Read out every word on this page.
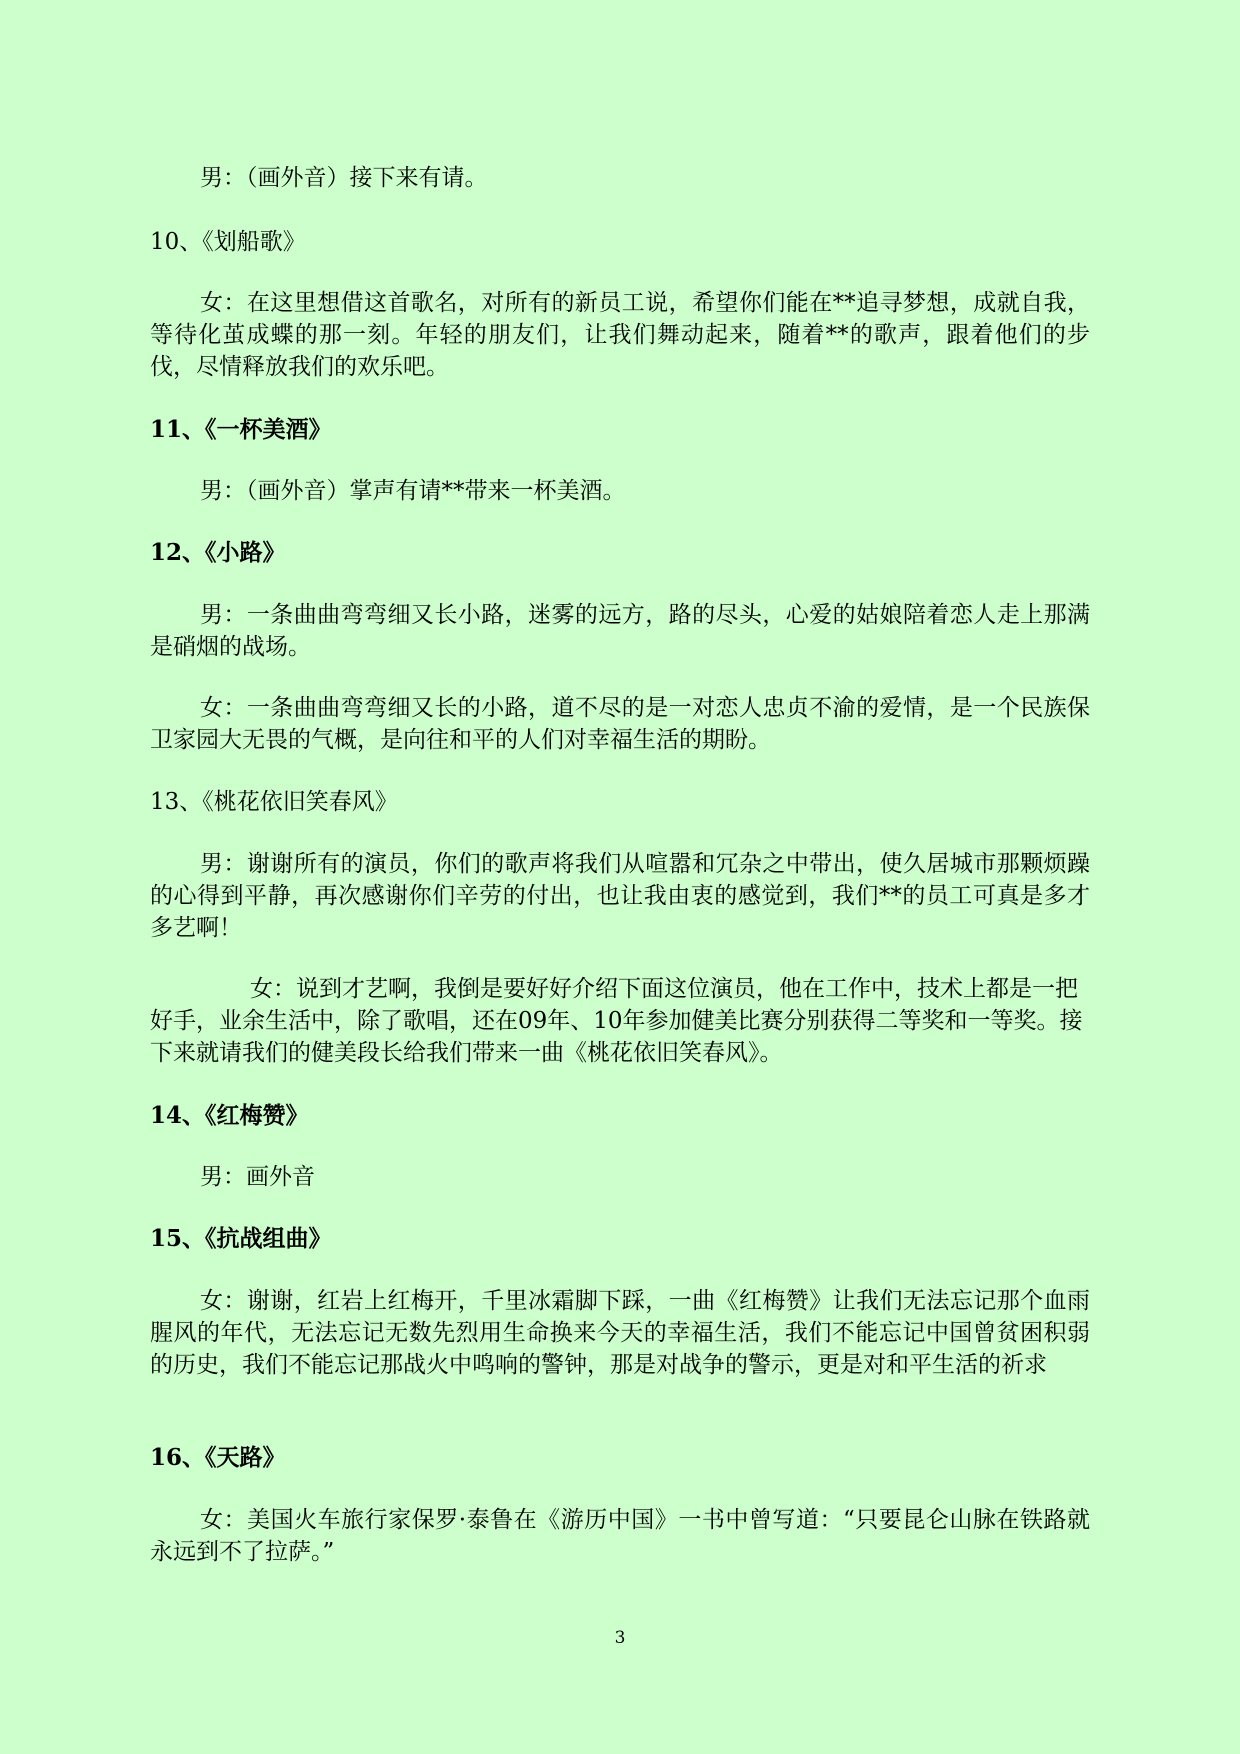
男：（画外音）接下来有请。

10、《划船歌》

女：在这里想借这首歌名，对所有的新员工说，希望你们能在**追寻梦想，成就自我，等待化茧成蝶的那一刻。年轻的朋友们，让我们舞动起来，随着**的歌声，跟着他们的步伐，尽情释放我们的欢乐吧。

11、《一杯美酒》

男：（画外音）掌声有请**带来一杯美酒。

12、《小路》

男：一条曲曲弯弯细又长小路，迷雾的远方，路的尽头，心爱的姑娘陪着恋人走上那满是硝烟的战场。

女：一条曲曲弯弯细又长的小路，道不尽的是一对恋人忠贞不渝的爱情，是一个民族保卫家园大无畏的气概，是向往和平的人们对幸福生活的期盼。

13、《桃花依旧笑春风》

男：谢谢所有的演员，你们的歌声将我们从喧嚣和冗杂之中带出，使久居城市那颗烦躁的心得到平静，再次感谢你们辛劳的付出，也让我由衷的感觉到，我们**的员工可真是多才多艺啊！

女：说到才艺啊，我倒是要好好介绍下面这位演员，他在工作中，技术上都是一把好手，业余生活中，除了歌唱，还在09年、10年参加健美比赛分别获得二等奖和一等奖。接下来就请我们的健美段长给我们带来一曲《桃花依旧笑春风》。

14、《红梅赞》

男：画外音

15、《抗战组曲》

女：谢谢，红岩上红梅开，千里冰霜脚下踩，一曲《红梅赞》让我们无法忘记那个血雨腥风的年代，无法忘记无数先烈用生命换来今天的幸福生活，我们不能忘记中国曾贫困积弱的历史，我们不能忘记那战火中鸣响的警钟，那是对战争的警示，更是对和平生活的祈求

16、《天路》

女：美国火车旅行家保罗·泰鲁在《游历中国》一书中曾写道：“只要昆仑山脉在铁路就永远到不了拉萨。”

3
